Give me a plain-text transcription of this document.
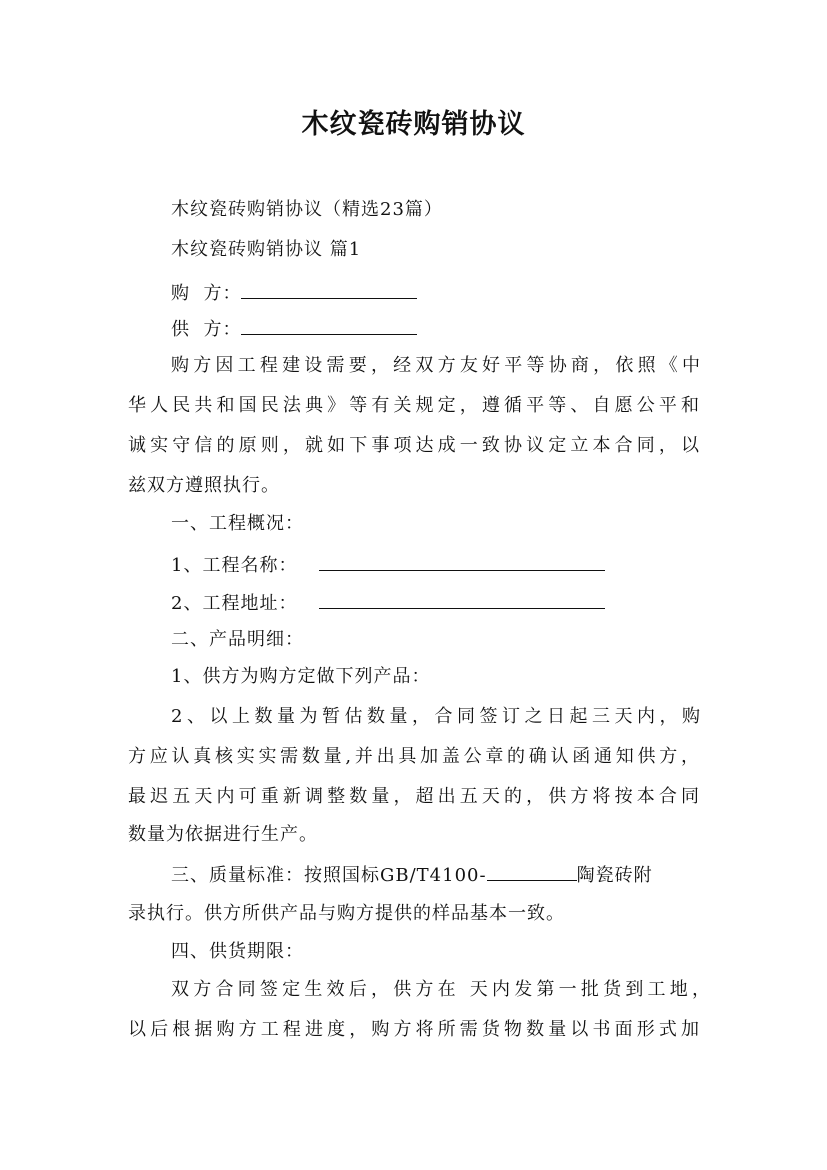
木纹瓷砖购销协议
木纹瓷砖购销协议（精选23篇）
木纹瓷砖购销协议 篇1
购  方：
供  方：
购方因工程建设需要，经双方友好平等协商，依照《中
华人民共和国民法典》等有关规定，遵循平等、自愿公平和
诚实守信的原则，就如下事项达成一致协议定立本合同，以
兹双方遵照执行。
一、工程概况：
1、工程名称：
2、工程地址：
二、产品明细：
1、供方为购方定做下列产品：
2、以上数量为暂估数量，合同签订之日起三天内，购
方应认真核实实需数量,并出具加盖公章的确认函通知供方，
最迟五天内可重新调整数量，超出五天的，供方将按本合同
数量为依据进行生产。
三、质量标准：按照国标GB/T4100-	陶瓷砖附
录执行。供方所供产品与购方提供的样品基本一致。
四、供货期限：
双方合同签定生效后，供方在 天内发第一批货到工地，
以后根据购方工程进度，购方将所需货物数量以书面形式加
